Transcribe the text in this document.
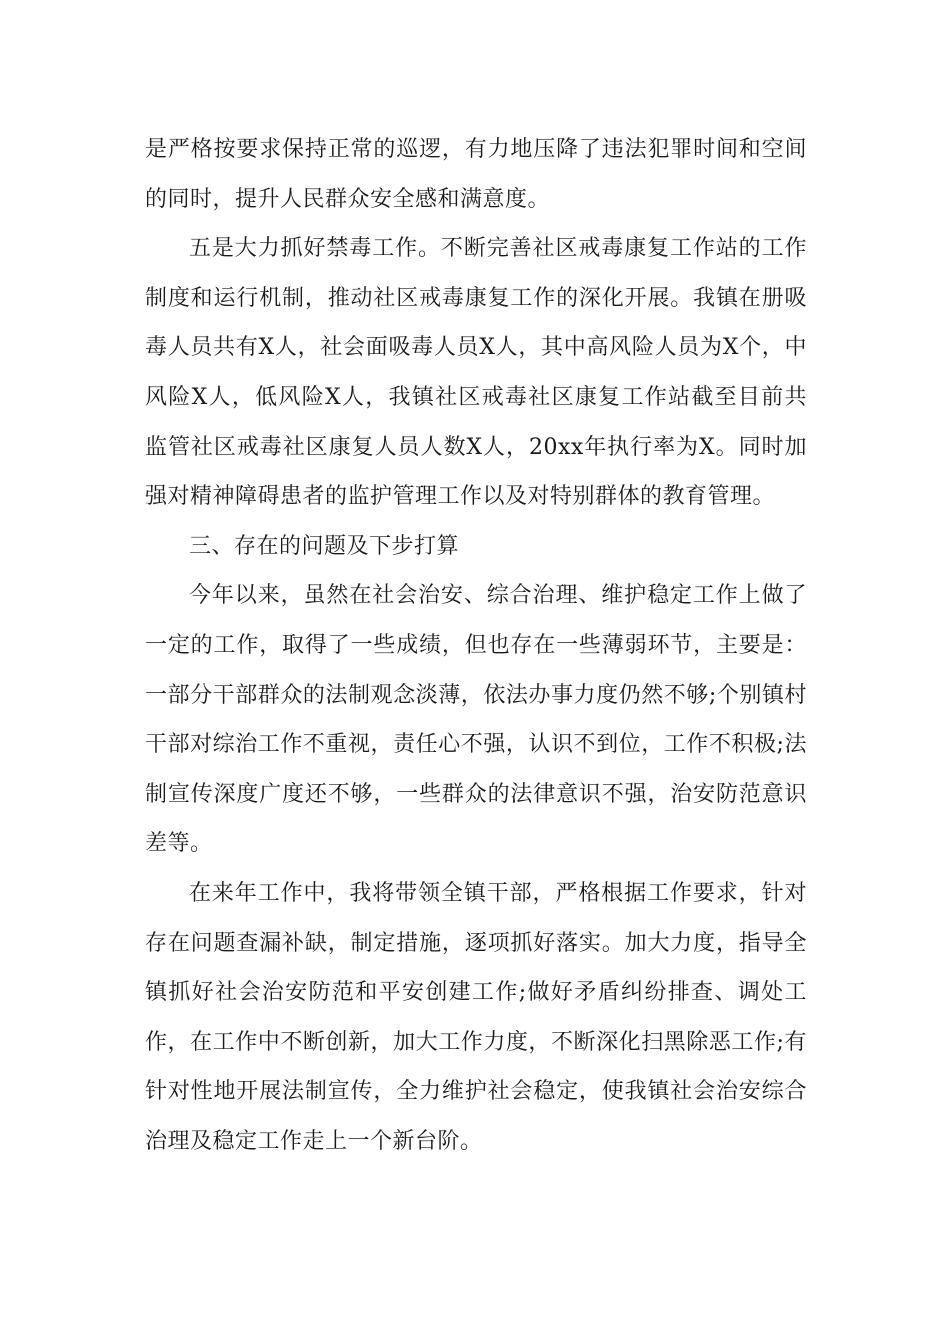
是严格按要求保持正常的巡逻，有力地压降了违法犯罪时间和空间的同时，提升人民群众安全感和满意度。

五是大力抓好禁毒工作。不断完善社区戒毒康复工作站的工作制度和运行机制，推动社区戒毒康复工作的深化开展。我镇在册吸毒人员共有X人，社会面吸毒人员X人，其中高风险人员为X个，中风险X人，低风险X人，我镇社区戒毒社区康复工作站截至目前共监管社区戒毒社区康复人员人数X人，20xx年执行率为X。同时加强对精神障碍患者的监护管理工作以及对特别群体的教育管理。

三、存在的问题及下步打算

今年以来，虽然在社会治安、综合治理、维护稳定工作上做了一定的工作，取得了一些成绩，但也存在一些薄弱环节，主要是：一部分干部群众的法制观念淡薄，依法办事力度仍然不够;个别镇村干部对综治工作不重视，责任心不强，认识不到位，工作不积极;法制宣传深度广度还不够，一些群众的法律意识不强，治安防范意识差等。

在来年工作中，我将带领全镇干部，严格根据工作要求，针对存在问题查漏补缺，制定措施，逐项抓好落实。加大力度，指导全镇抓好社会治安防范和平安创建工作;做好矛盾纠纷排查、调处工作，在工作中不断创新，加大工作力度，不断深化扫黑除恶工作;有针对性地开展法制宣传，全力维护社会稳定，使我镇社会治安综合治理及稳定工作走上一个新台阶。
